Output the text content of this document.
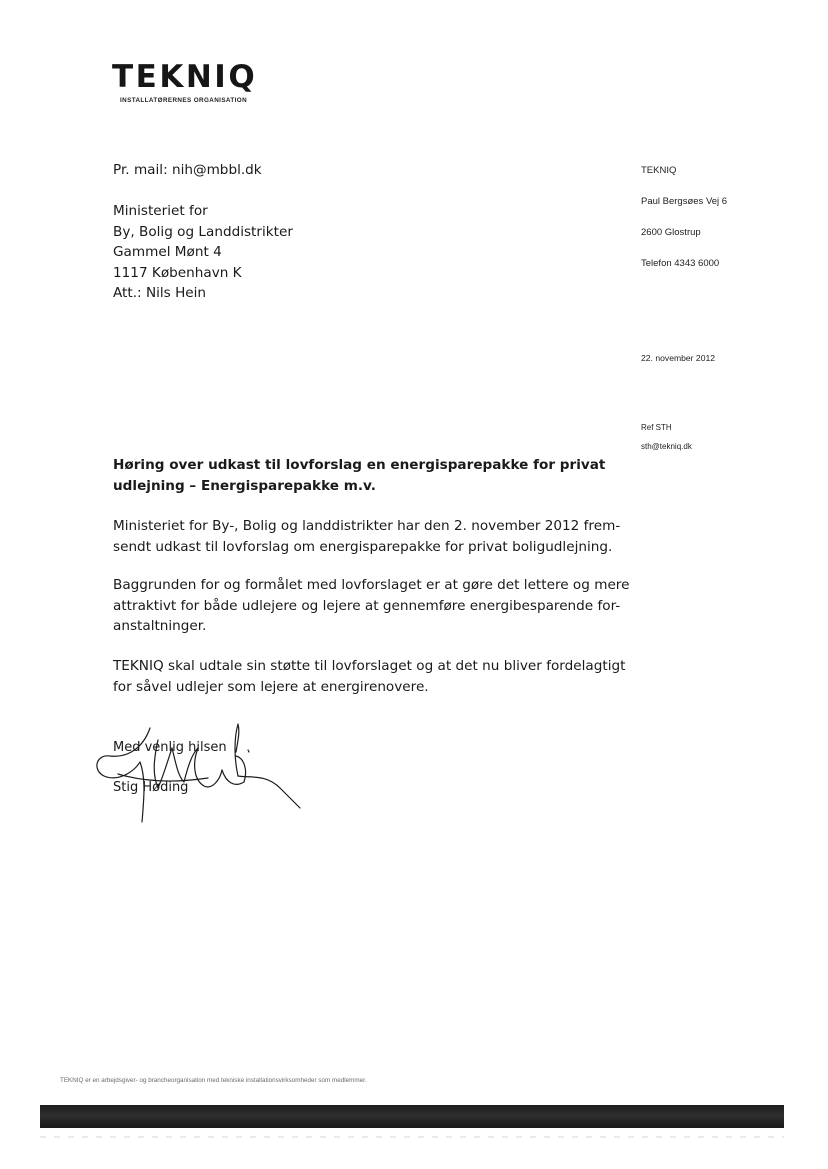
TEKNIQ
INSTALLATØRERNES ORGANISATION
Pr. mail: nih@mbbl.dk
Ministeriet for
By, Bolig og Landdistrikter
Gammel Mønt 4
1117 København K
Att.: Nils Hein
TEKNIQ
Paul Bergsøes Vej 6
2600 Glostrup
Telefon 4343 6000
22. november 2012
Ref STH
sth@tekniq.dk
Høring over udkast til lovforslag en energisparepakke for privat
udlejning – Energisparepakke m.v.
Ministeriet for By-, Bolig og landdistrikter har den 2. november 2012 frem-
sendt udkast til lovforslag om energisparepakke for privat boligudlejning.
Baggrunden for og formålet med lovforslaget er at gøre det lettere og mere
attraktivt for både udlejere og lejere at gennemføre energibesparende for-
anstaltninger.
TEKNIQ skal udtale sin støtte til lovforslaget og at det nu bliver fordelagtigt
for såvel udlejer som lejere at energirenovere.
Med venlig hilsen
Stig Høding
TEKNIQ er en arbejdsgiver- og brancheorganisation med tekniske installationsvirksomheder som medlemmer.
